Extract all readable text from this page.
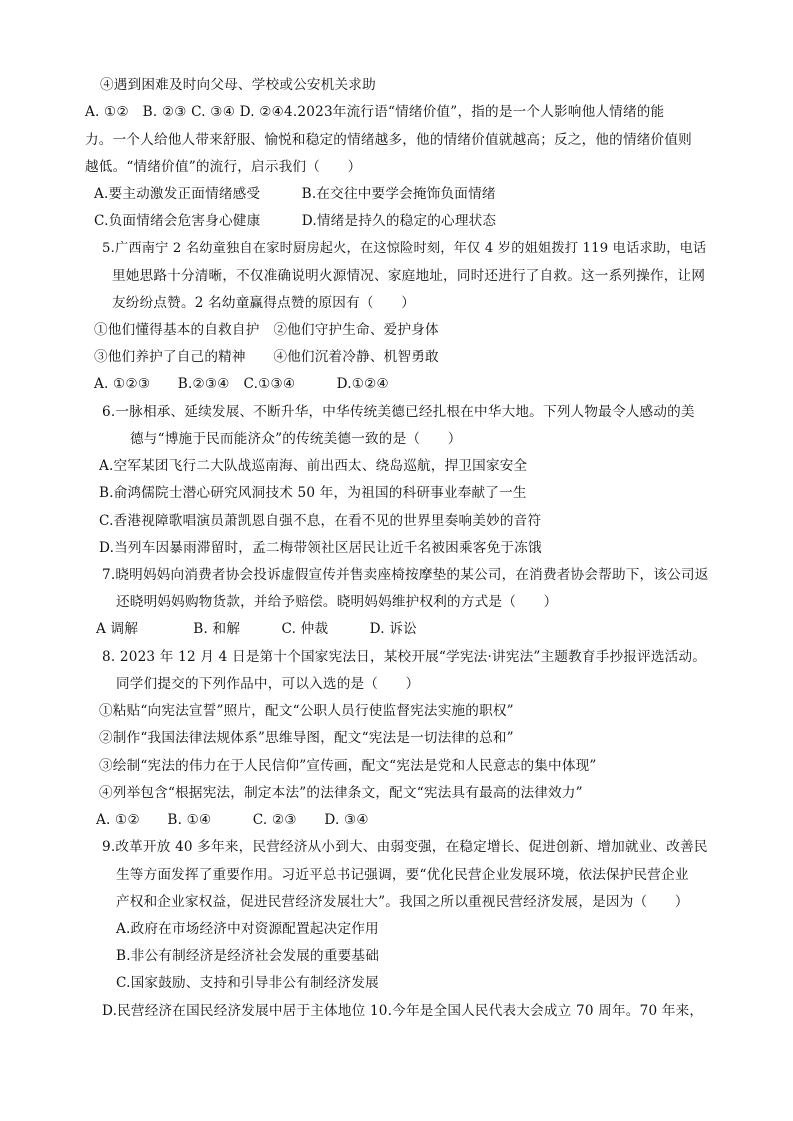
④遇到困难及时向父母、学校或公安机关求助
A. ①②　B. ②③ C. ③④ D. ②④4.2023年流行语“情绪价值”，指的是一个人影响他人情绪的能
力。一个人给他人带来舒服、愉悦和稳定的情绪越多，他的情绪价值就越高；反之，他的情绪价值则
越低。“情绪价值”的流行，启示我们（　　）
A.要主动激发正面情绪感受　　　B.在交往中要学会掩饰负面情绪
C.负面情绪会危害身心健康　　　D.情绪是持久的稳定的心理状态
5.广西南宁 2 名幼童独自在家时厨房起火，在这惊险时刻，年仅 4 岁的姐姐拨打 119 电话求助，电话
里她思路十分清晰，不仅准确说明火源情况、家庭地址，同时还进行了自救。这一系列操作，让网
友纷纷点赞。2 名幼童赢得点赞的原因有（　　）
①他们懂得基本的自救自护　②他们守护生命、爱护身体
③他们养护了自己的精神　　④他们沉着冷静、机智勇敢
A. ①②③　　B.②③④　C.①③④　　　D.①②④
6.一脉相承、延续发展、不断升华，中华传统美德已经扎根在中华大地。下列人物最令人感动的美
德与“博施于民而能济众”的传统美德一致的是（　　）
A.空军某团飞行二大队战巡南海、前出西太、绕岛巡航，捍卫国家安全
B.俞鸿儒院士潜心研究风洞技术 50 年，为祖国的科研事业奉献了一生
C.香港视障歌唱演员萧凯恩自强不息，在看不见的世界里奏响美妙的音符
D.当列车因暴雨滞留时，孟二梅带领社区居民让近千名被困乘客免于冻饿
7.晓明妈妈向消费者协会投诉虚假宣传并售卖座椅按摩垫的某公司，在消费者协会帮助下，该公司返
还晓明妈妈购物货款，并给予赔偿。晓明妈妈维护权利的方式是（　　）
A 调解　　　　B. 和解　　　C. 仲裁　　　D. 诉讼
8. 2023 年 12 月 4 日是第十个国家宪法日，某校开展“学宪法·讲宪法”主题教育手抄报评选活动。
同学们提交的下列作品中，可以入选的是（　　）
①粘贴“向宪法宣誓”照片，配文“公职人员行使监督宪法实施的职权”
②制作“我国法律法规体系”思维导图，配文“宪法是一切法律的总和”
③绘制“宪法的伟力在于人民信仰”宣传画，配文“宪法是党和人民意志的集中体现”
④列举包含“根据宪法，制定本法”的法律条文，配文“宪法具有最高的法律效力”
A. ①②　　B. ①④　　　C. ②③　　D. ③④
9.改革开放 40 多年来，民营经济从小到大、由弱变强，在稳定增长、促进创新、增加就业、改善民
生等方面发挥了重要作用。习近平总书记强调，要“优化民营企业发展环境，依法保护民营企业
产权和企业家权益，促进民营经济发展壮大”。我国之所以重视民营经济发展，是因为（　　）
A.政府在市场经济中对资源配置起决定作用
B.非公有制经济是经济社会发展的重要基础
C.国家鼓励、支持和引导非公有制经济发展
D.民营经济在国民经济发展中居于主体地位 10.今年是全国人民代表大会成立 70 周年。70 年来，
